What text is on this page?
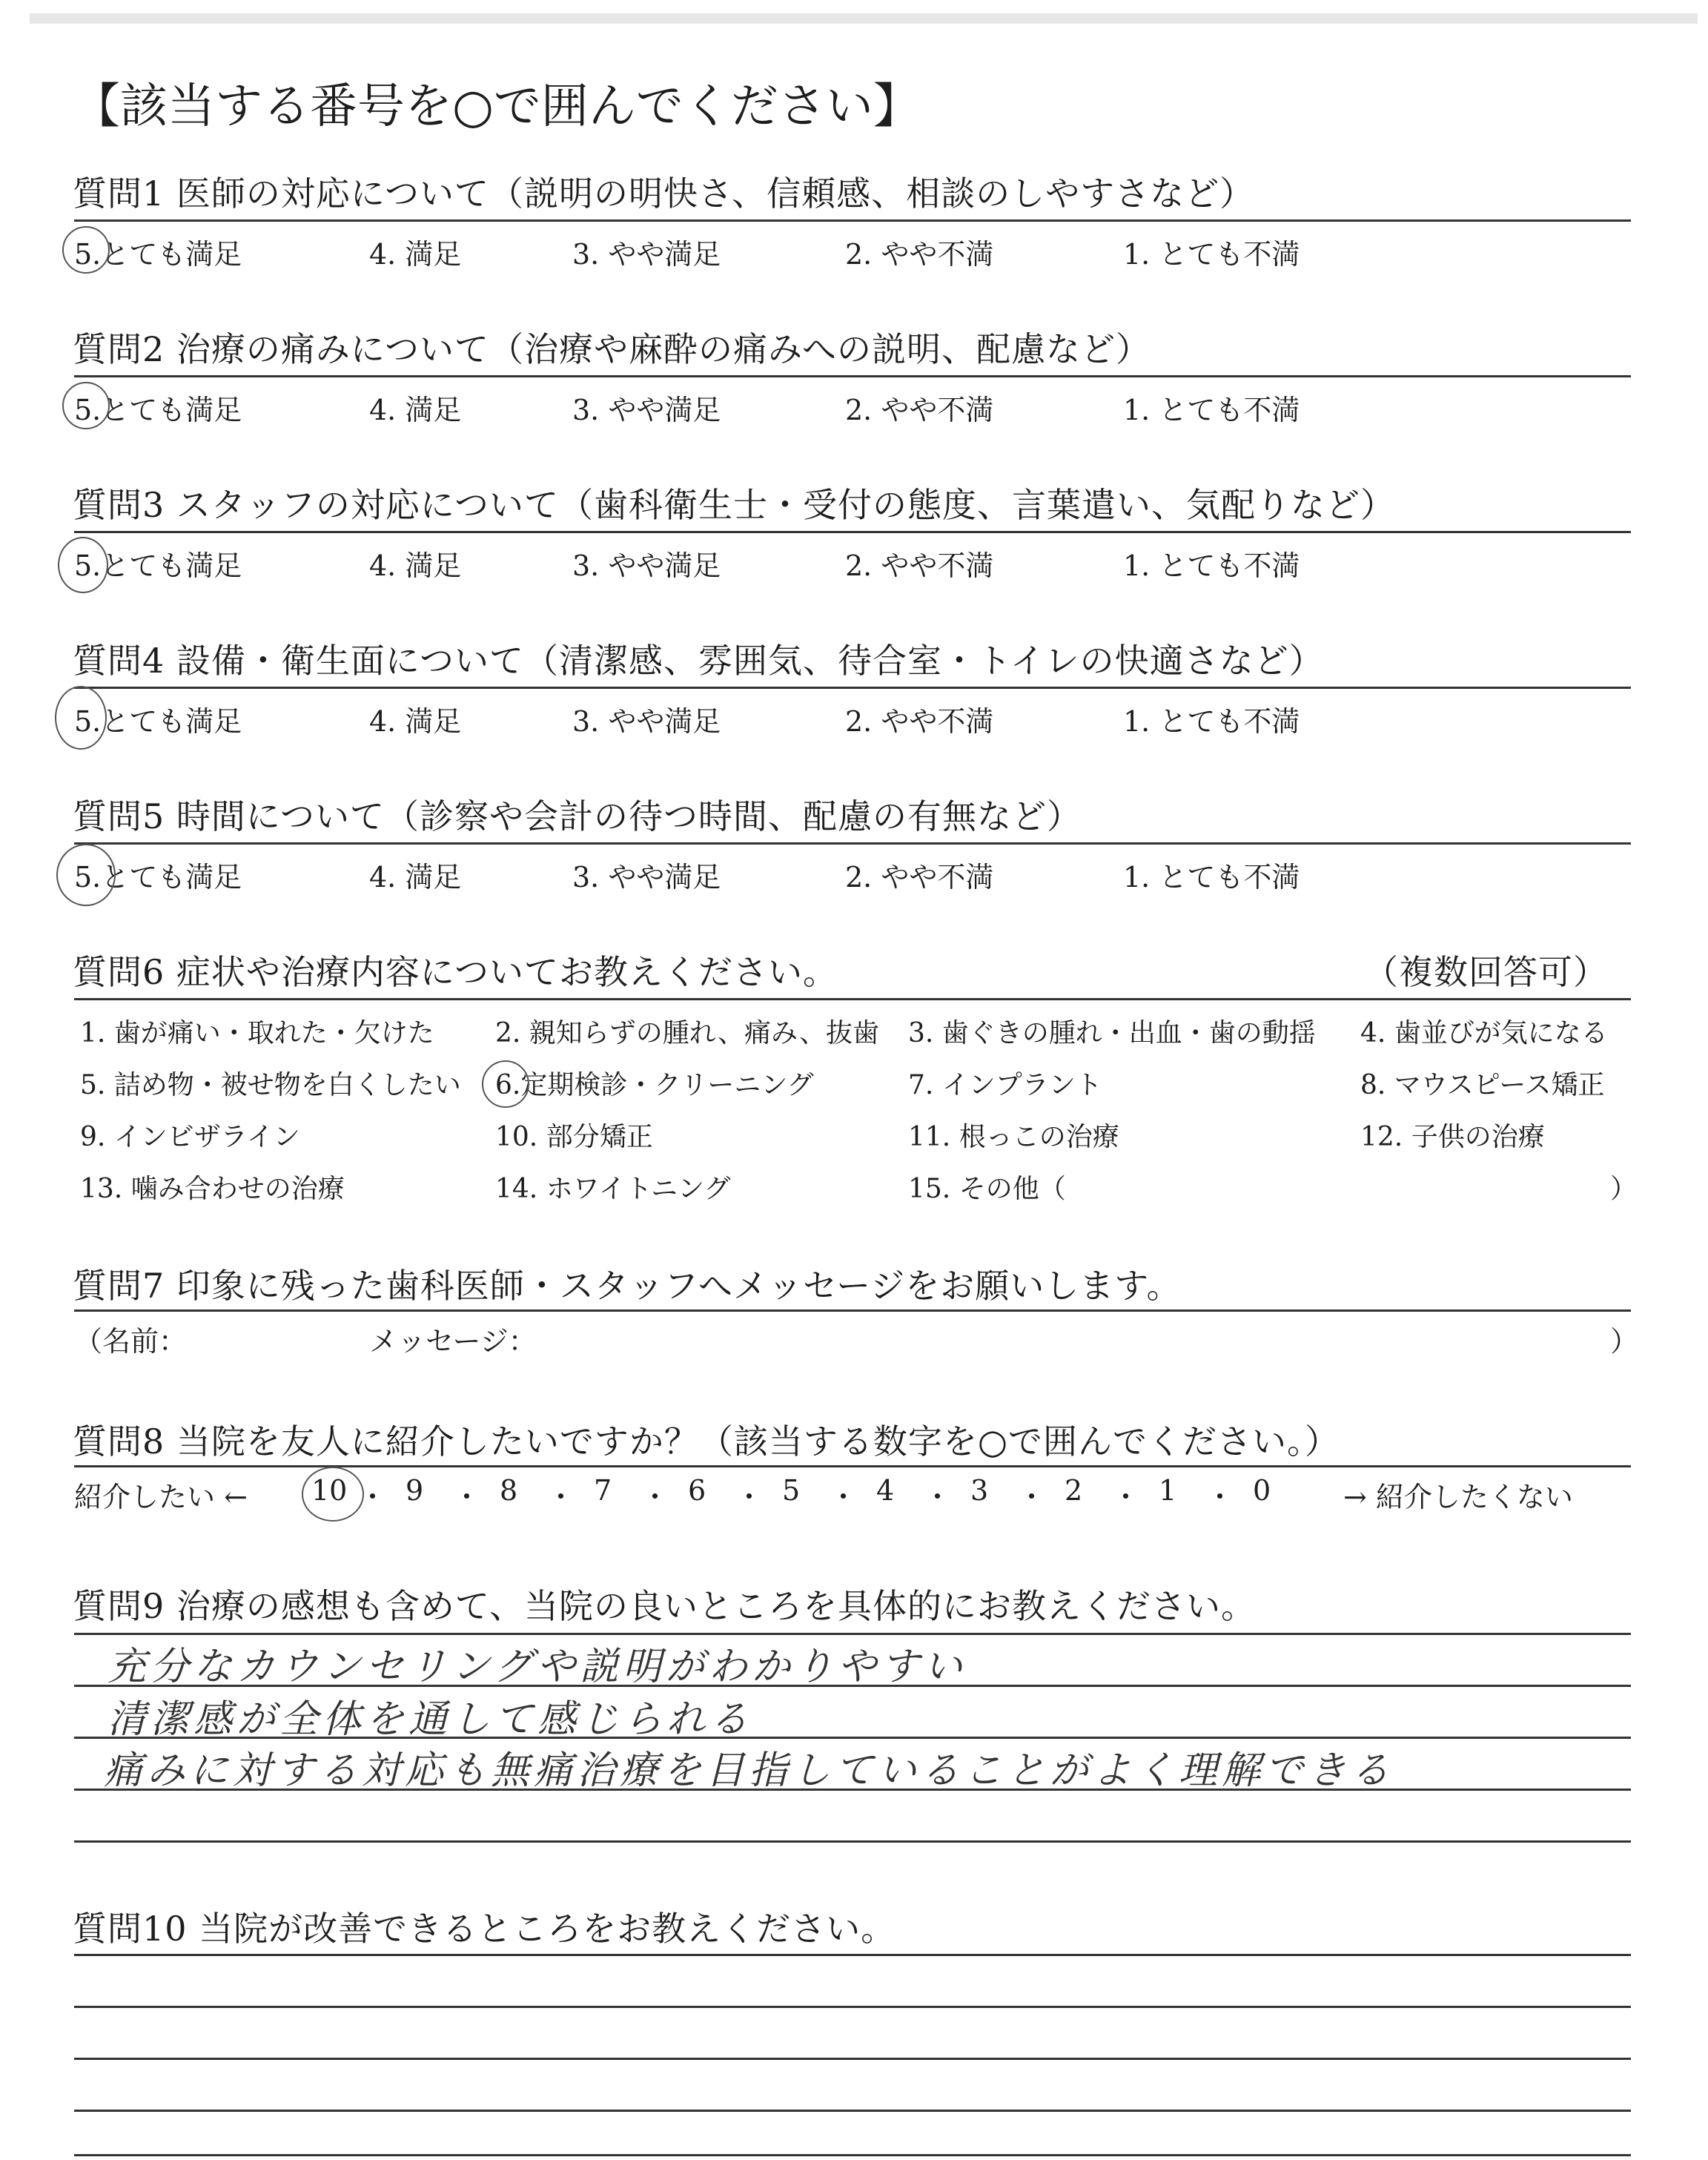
【該当する番号を○で囲んでください】
質問1 医師の対応について（説明の明快さ、信頼感、相談のしやすさなど）
5.とても満足	4. 満足	3. やや満足	2. やや不満	1. とても不満
質問2 治療の痛みについて（治療や麻酔の痛みへの説明、配慮など）
5.とても満足	4. 満足	3. やや満足	2. やや不満	1. とても不満
質問3 スタッフの対応について（歯科衛生士・受付の態度、言葉遣い、気配りなど）
5.とても満足	4. 満足	3. やや満足	2. やや不満	1. とても不満
質問4 設備・衛生面について（清潔感、雰囲気、待合室・トイレの快適さなど）
5.とても満足	4. 満足	3. やや満足	2. やや不満	1. とても不満
質問5 時間について（診察や会計の待つ時間、配慮の有無など）
5.とても満足	4. 満足	3. やや満足	2. やや不満	1. とても不満
質問6 症状や治療内容についてお教えください。	（複数回答可）
1. 歯が痛い・取れた・欠けた 2. 親知らずの腫れ、痛み、抜歯 3. 歯ぐきの腫れ・出血・歯の動揺 4. 歯並びが気になる
5. 詰め物・被せ物を白くしたい 6.定期検診・クリーニング	7. インプラント	8. マウスピース矯正
9. インビザライン	10. 部分矯正	11. 根っこの治療	12. 子供の治療
13. 噛み合わせの治療	14. ホワイトニング	15. その他（	）
質問7 印象に残った歯科医師・スタッフへメッセージをお願いします。
（名前：	メッセージ：	）
質問8 当院を友人に紹介したいですか？（該当する数字を○で囲んでください。）
紹介したい ← 10 ・ 9 ・ 8 ・ 7 ・ 6 ・ 5 ・ 4 ・ 3 ・ 2 ・ 1 ・ 0	→ 紹介したくない
質問9 治療の感想も含めて、当院の良いところを具体的にお教えください。
充分なカウンセリングや説明がわかりやすい
清潔感が全体を通して感じられる
痛みに対する対応も無痛治療を目指していることがよく理解できる
質問10 当院が改善できるところをお教えください。
